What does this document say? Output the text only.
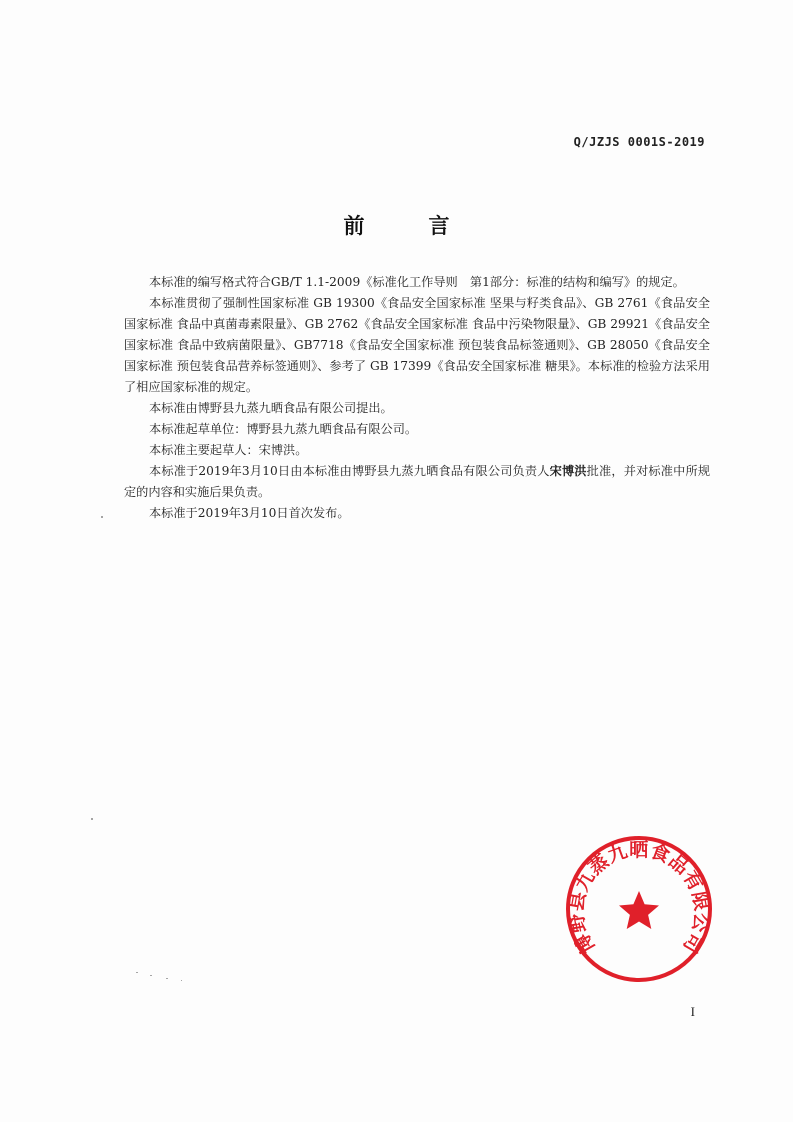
Q/JZJS 0001S-2019
前言

本标准的编写格式符合GB/T 1.1-2009《标准化工作导则　第1部分：标准的结构和编写》的规定。

本标准贯彻了强制性国家标准 GB 19300《食品安全国家标准 坚果与籽类食品》、GB 2761《食品安全国家标准 食品中真菌毒素限量》、GB 2762《食品安全国家标准 食品中污染物限量》、GB 29921《食品安全国家标准 食品中致病菌限量》、GB7718《食品安全国家标准 预包装食品标签通则》、GB 28050《食品安全国家标准 预包装食品营养标签通则》、参考了 GB 17399《食品安全国家标准 糖果》。本标准的检验方法采用了相应国家标准的规定。

本标准由博野县九蒸九晒食品有限公司提出。

本标准起草单位：博野县九蒸九晒食品有限公司。

本标准主要起草人：宋博洪。

本标准于2019年3月10日由本标准由博野县九蒸九晒食品有限公司负责人宋博洪批准，并对标准中所规定的内容和实施后果负责。

本标准于2019年3月10日首次发布。

博野县九蒸九晒食品有限公司
I
